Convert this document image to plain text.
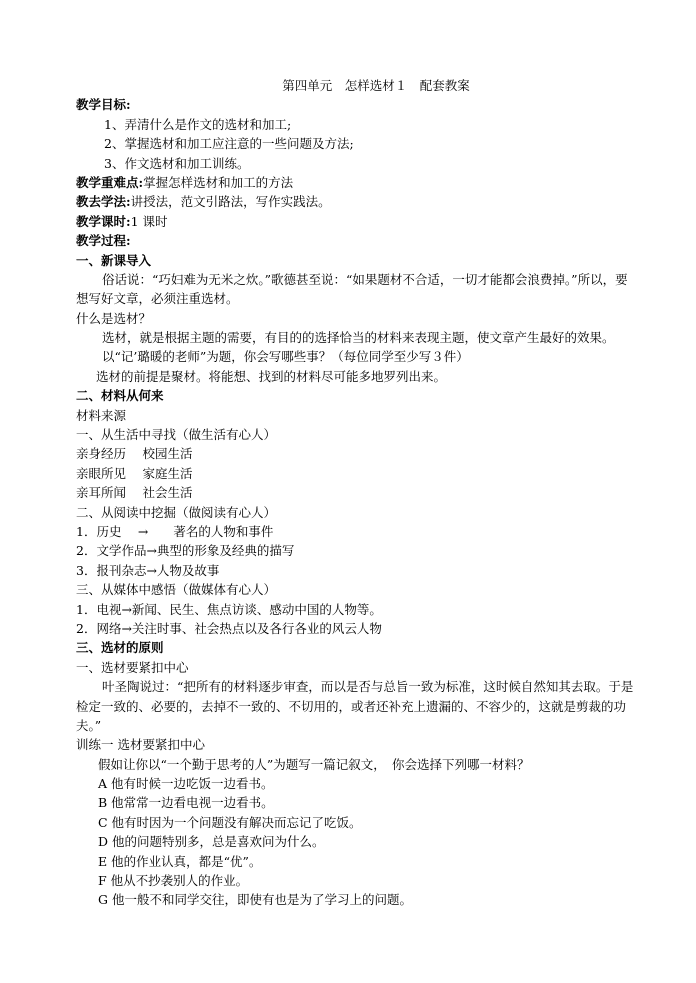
第四单元　怎样选材１　配套教案
教学目标:
1、弄清什么是作文的选材和加工;
2、掌握选材和加工应注意的一些问题及方法;
3、作文选材和加工训练。
教学重难点:掌握怎样选材和加工的方法
教去学法:讲授法，范文引路法，写作实践法。
教学课时:1 课时
教学过程:
一、新课导入
俗话说：“巧妇难为无米之炊。”歌德甚至说：“如果题材不合适，一切才能都会浪费掉。”所以，要想写好文章，必须注重选材。
什么是选材？
选材，就是根据主题的需要，有目的的选择恰当的材料来表现主题，使文章产生最好的效果。
以“记’璐暖的老师”为题，你会写哪些事？（每位同学至少写３件）
选材的前提是聚材。将能想、找到的材料尽可能多地罗列出来。
二、材料从何来
材料来源
一、从生活中寻找（做生活有心人）
亲身经历　 校园生活
亲眼所见　 家庭生活
亲耳所闻　 社会生活
二、从阅读中挖掘（做阅读有心人）
1．历史　 →　　著名的人物和事件
2．文学作品→典型的形象及经典的描写
3．报刊杂志→人物及故事
三、从媒体中感悟（做媒体有心人）
1．电视→新闻、民生、焦点访谈、感动中国的人物等。
2．网络→关注时事、社会热点以及各行各业的风云人物
三、选材的原则
一、选材要紧扣中心
叶圣陶说过：“把所有的材料逐步审查，而以是否与总旨一致为标准，这时候自然知其去取。于是检定一致的、必要的，去掉不一致的、不切用的，或者还补充上遗漏的、不容少的，这就是剪裁的功夫。”
训练一 选材要紧扣中心
假如让你以“一个勤于思考的人”为题写一篇记叙文，　你会选择下列哪一材料？
A 他有时候一边吃饭一边看书。
B 他常常一边看电视一边看书。
C 他有时因为一个问题没有解决而忘记了吃饭。
D 他的问题特别多，总是喜欢问为什么。
E 他的作业认真，都是“优”。
F 他从不抄袭别人的作业。
G 他一般不和同学交往，即使有也是为了学习上的问题。
